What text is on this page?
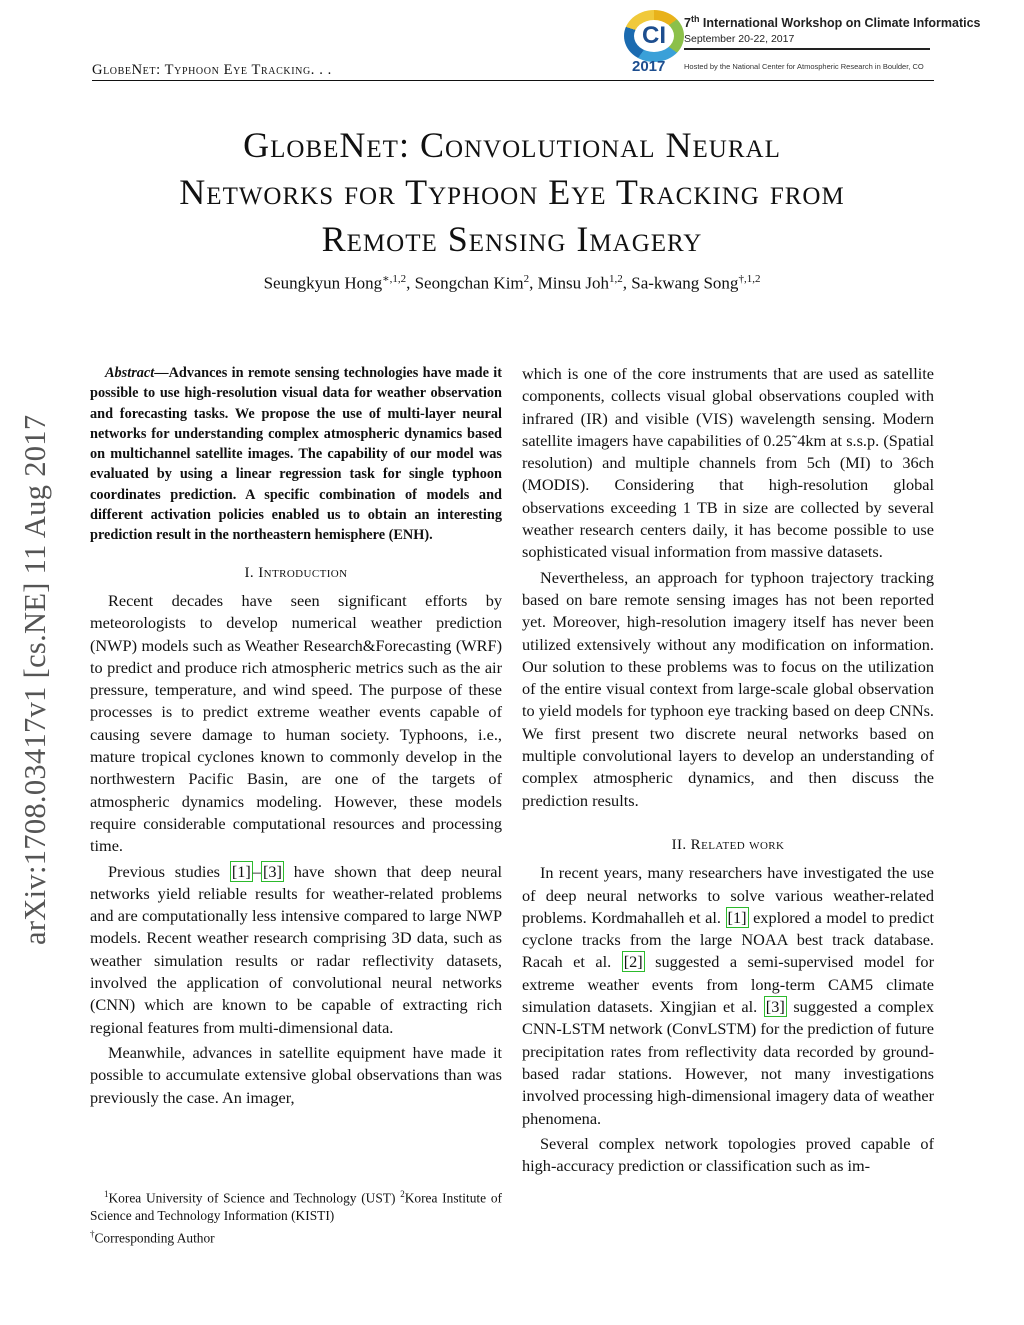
GlobeNet: Typhoon Eye Tracking. . .
CI
2017
7th International Workshop on Climate Informatics
September 20-22, 2017
Hosted by the National Center for Atmospheric Research in Boulder, CO
GlobeNet: Convolutional Neural
Networks for Typhoon Eye Tracking from
Remote Sensing Imagery
Seungkyun Hong$^{∗,1,2}$, Seongchan Kim$^2$, Minsu Joh$^{1,2}$, Sa-kwang Song$^{\dagger,1,2}$
arXiv:1708.03417v1 [cs.NE] 11 Aug 2017

Abstract—Advances in remote sensing technologies have made it possible to use high-resolution visual data for weather observation and forecasting tasks. We propose the use of multi-layer neural networks for understanding complex atmospheric dynamics based on multichannel satellite images. The capability of our model was evaluated by using a linear regression task for single typhoon coordinates prediction. A specific combination of models and different activation policies enabled us to obtain an interesting prediction result in the northeastern hemisphere (ENH).

I. Introduction

Recent decades have seen significant efforts by meteorologists to develop numerical weather prediction (NWP) models such as Weather Research&Forecasting (WRF) to predict and produce rich atmospheric metrics such as the air pressure, temperature, and wind speed. The purpose of these processes is to predict extreme weather events capable of causing severe damage to human society. Typhoons, i.e., mature tropical cyclones known to commonly develop in the northwestern Pacific Basin, are one of the targets of atmospheric dynamics modeling. However, these models require considerable computational resources and processing time.

Previous studies [1] – [3] have shown that deep neural networks yield reliable results for weather-related problems and are computationally less intensive compared to large NWP models. Recent weather research comprising 3D data, such as weather simulation results or radar reflectivity datasets, involved the application of convolutional neural networks (CNN) which are known to be capable of extracting rich regional features from multi-dimensional data.

Meanwhile, advances in satellite equipment have made it possible to accumulate extensive global observations than was previously the case. An imager,

$^1$Korea University of Science and Technology (UST) $^2$Korea Institute of Science and Technology Information (KISTI)
†Corresponding Author

which is one of the core instruments that are used as satellite components, collects visual global observations coupled with infrared (IR) and visible (VIS) wavelength sensing. Modern satellite imagers have capabilities of 0.25˜4km at s.s.p. (Spatial resolution) and multiple channels from 5ch (MI) to 36ch (MODIS). Considering that high-resolution global observations exceeding 1 TB in size are collected by several weather research centers daily, it has become possible to use sophisticated visual information from massive datasets.

Nevertheless, an approach for typhoon trajectory tracking based on bare remote sensing images has not been reported yet. Moreover, high-resolution imagery itself has never been utilized extensively without any modification on information. Our solution to these problems was to focus on the utilization of the entire visual context from large-scale global observation to yield models for typhoon eye tracking based on deep CNNs. We first present two discrete neural networks based on multiple convolutional layers to develop an understanding of complex atmospheric dynamics, and then discuss the prediction results.

II. Related work

In recent years, many researchers have investigated the use of deep neural networks to solve various weather-related problems. Kordmahalleh et al. [1] explored a model to predict cyclone tracks from the large NOAA best track database. Racah et al. [2] suggested a semi-supervised model for extreme weather events from long-term CAM5 climate simulation datasets. Xingjian et al. [3] suggested a complex CNN-LSTM network (ConvLSTM) for the prediction of future precipitation rates from reflectivity data recorded by ground-based radar stations. However, not many investigations involved processing high-dimensional imagery data of weather phenomena.

Several complex network topologies proved capable of high-accuracy prediction or classification such as im-
